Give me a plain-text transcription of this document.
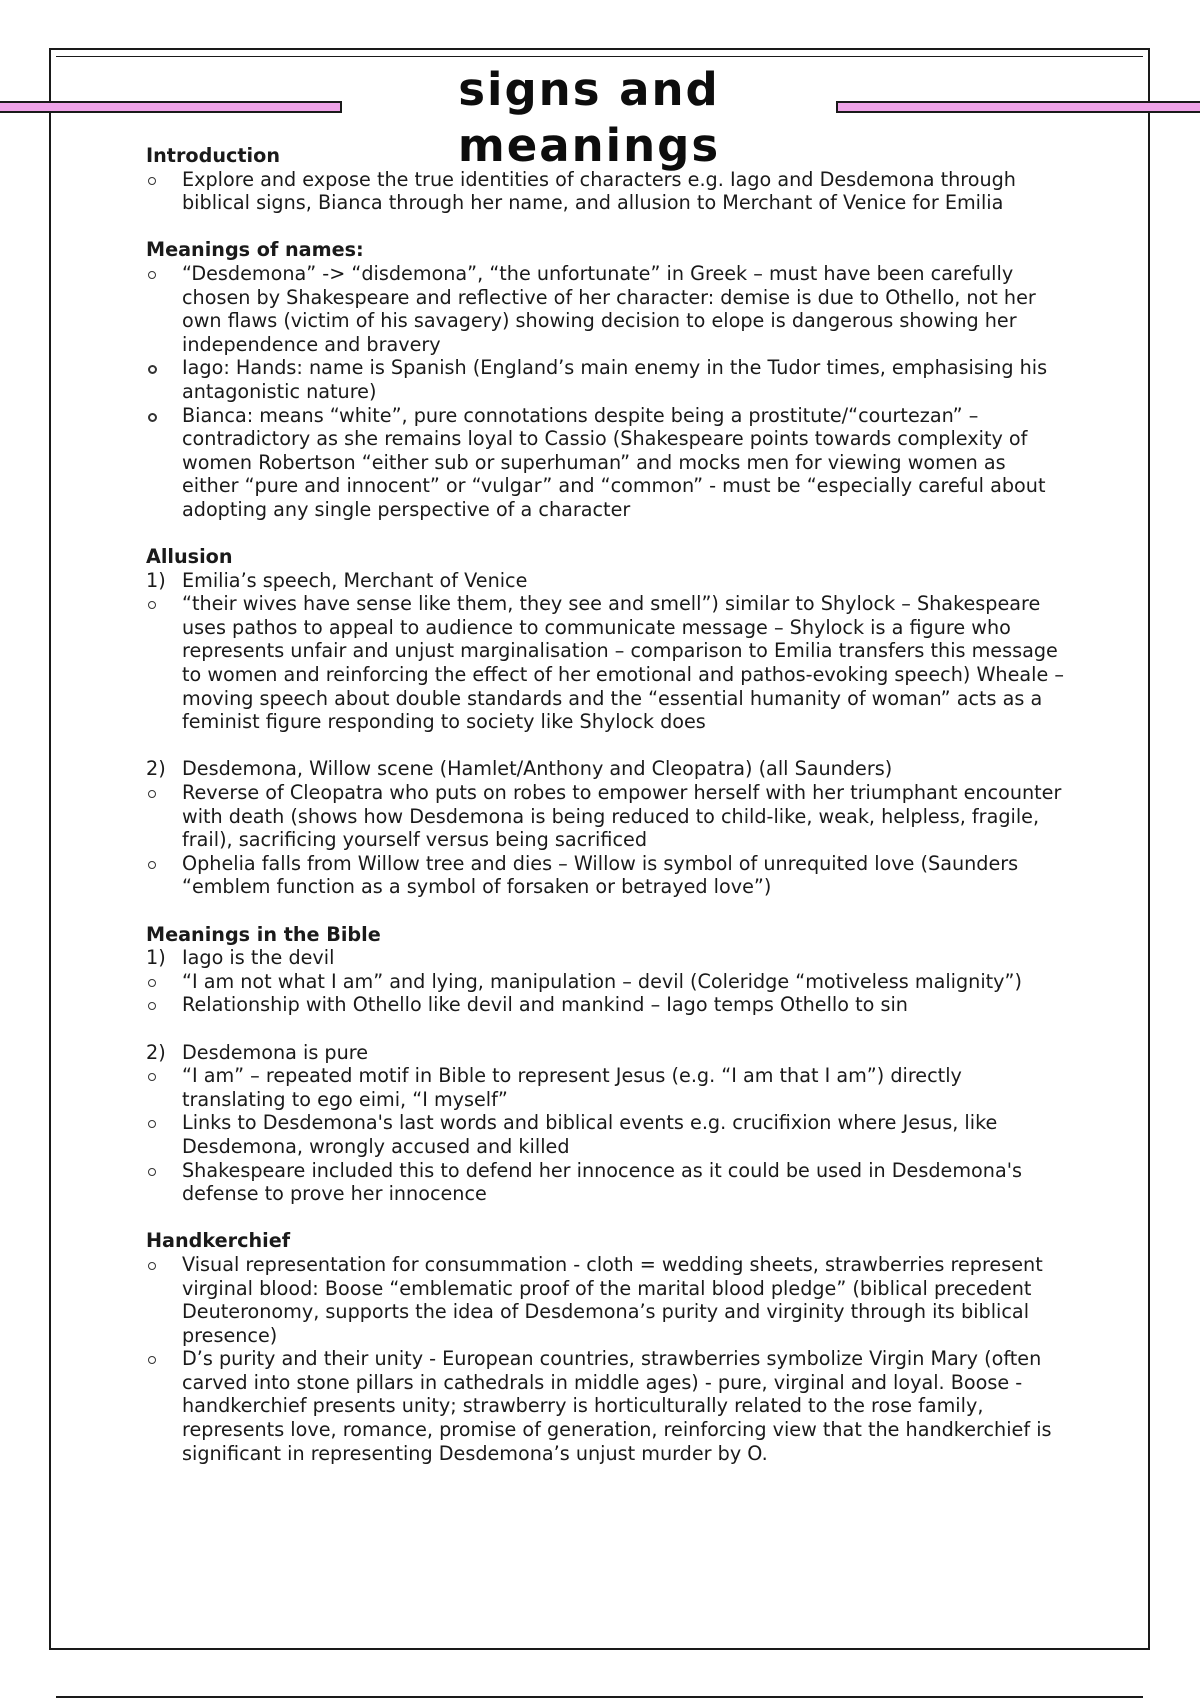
signs and meanings

Introduction

Explore and expose the true identities of characters e.g. Iago and Desdemona through biblical signs, Bianca through her name, and allusion to Merchant of Venice for Emilia

Meanings of names:

“Desdemona” -> “disdemona”, “the unfortunate” in Greek – must have been carefully chosen by Shakespeare and reflective of her character: demise is due to Othello, not her own flaws (victim of his savagery) showing decision to elope is dangerous showing her independence and bravery

Iago: Hands: name is Spanish (England’s main enemy in the Tudor times, emphasising his antagonistic nature)

Bianca: means “white”, pure connotations despite being a prostitute/“courtezan” – contradictory as she remains loyal to Cassio (Shakespeare points towards complexity of women Robertson “either sub or superhuman” and mocks men for viewing women as either “pure and innocent” or “vulgar” and “common” - must be “especially careful about adopting any single perspective of a character

Allusion

1) Emilia’s speech, Merchant of Venice

“their wives have sense like them, they see and smell”) similar to Shylock – Shakespeare uses pathos to appeal to audience to communicate message – Shylock is a figure who represents unfair and unjust marginalisation – comparison to Emilia transfers this message to women and reinforcing the effect of her emotional and pathos-evoking speech) Wheale – moving speech about double standards and the “essential humanity of woman” acts as a feminist figure responding to society like Shylock does

2) Desdemona, Willow scene (Hamlet/Anthony and Cleopatra) (all Saunders)

Reverse of Cleopatra who puts on robes to empower herself with her triumphant encounter with death (shows how Desdemona is being reduced to child-like, weak, helpless, fragile, frail), sacrificing yourself versus being sacrificed

Ophelia falls from Willow tree and dies – Willow is symbol of unrequited love (Saunders “emblem function as a symbol of forsaken or betrayed love”)

Meanings in the Bible

1) Iago is the devil

“I am not what I am” and lying, manipulation – devil (Coleridge “motiveless malignity”)

Relationship with Othello like devil and mankind – Iago temps Othello to sin

2) Desdemona is pure

“I am” – repeated motif in Bible to represent Jesus (e.g. “I am that I am”) directly translating to ego eimi, “I myself”

Links to Desdemona's last words and biblical events e.g. crucifixion where Jesus, like Desdemona, wrongly accused and killed

Shakespeare included this to defend her innocence as it could be used in Desdemona's defense to prove her innocence

Handkerchief

Visual representation for consummation - cloth = wedding sheets, strawberries represent virginal blood: Boose “emblematic proof of the marital blood pledge” (biblical precedent Deuteronomy, supports the idea of Desdemona’s purity and virginity through its biblical presence)

D’s purity and their unity - European countries, strawberries symbolize Virgin Mary (often carved into stone pillars in cathedrals in middle ages) - pure, virginal and loyal. Boose - handkerchief presents unity; strawberry is horticulturally related to the rose family, represents love, romance, promise of generation, reinforcing view that the handkerchief is significant in representing Desdemona’s unjust murder by O.
